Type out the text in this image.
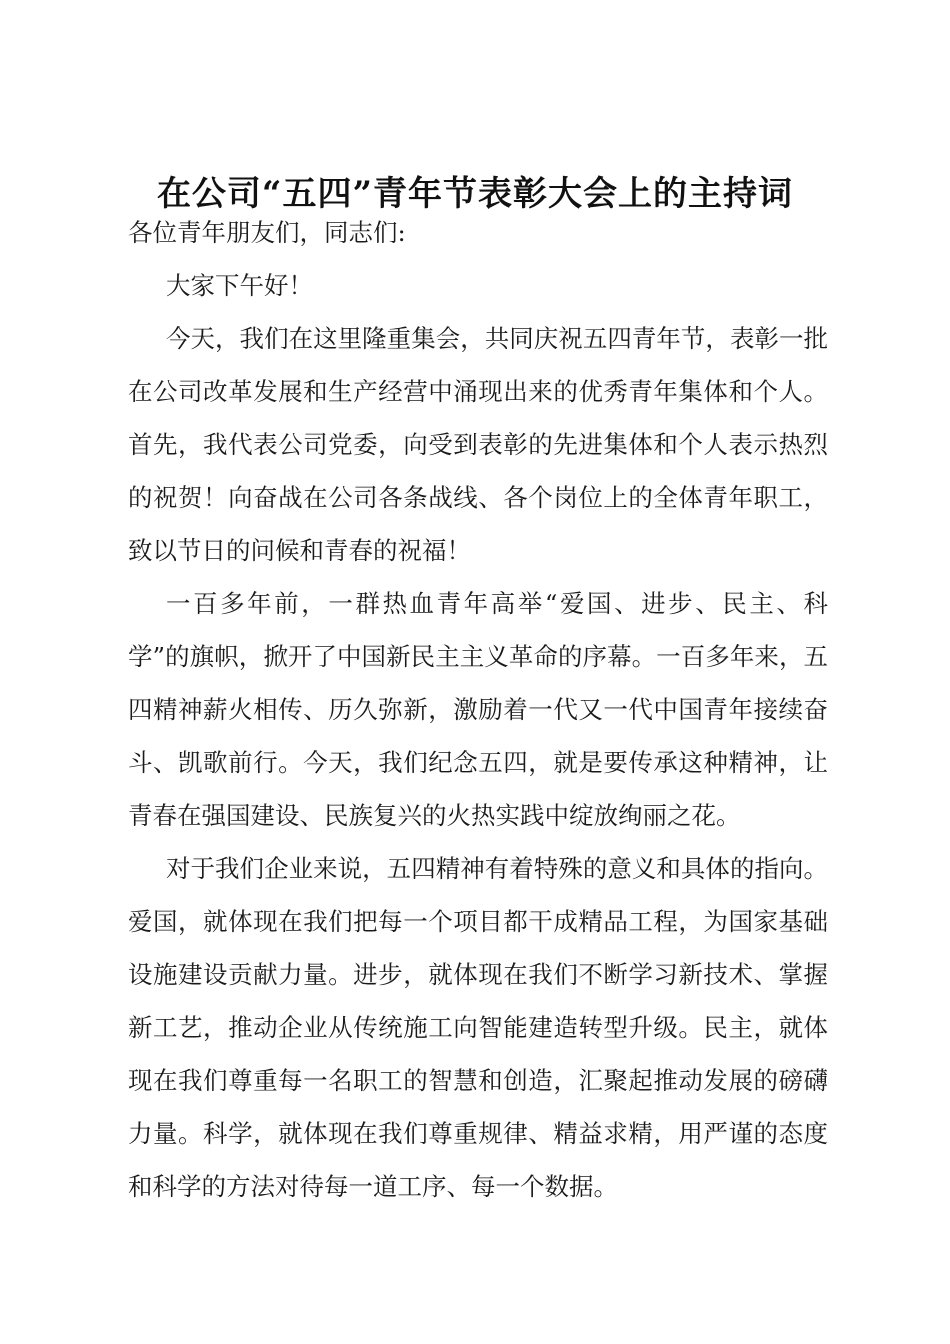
在公司“五四”青年节表彰大会上的主持词

各位青年朋友们，同志们:

大家下午好！

今天，我们在这里隆重集会，共同庆祝五四青年节，表彰一批在公司改革发展和生产经营中涌现出来的优秀青年集体和个人。首先，我代表公司党委，向受到表彰的先进集体和个人表示热烈的祝贺！向奋战在公司各条战线、各个岗位上的全体青年职工，致以节日的问候和青春的祝福！

一百多年前，一群热血青年高举“爱国、进步、民主、科学”的旗帜，掀开了中国新民主主义革命的序幕。一百多年来，五四精神薪火相传、历久弥新，激励着一代又一代中国青年接续奋斗、凯歌前行。今天，我们纪念五四，就是要传承这种精神，让青春在强国建设、民族复兴的火热实践中绽放绚丽之花。

对于我们企业来说，五四精神有着特殊的意义和具体的指向。爱国，就体现在我们把每一个项目都干成精品工程，为国家基础设施建设贡献力量。进步，就体现在我们不断学习新技术、掌握新工艺，推动企业从传统施工向智能建造转型升级。民主，就体现在我们尊重每一名职工的智慧和创造，汇聚起推动发展的磅礴力量。科学，就体现在我们尊重规律、精益求精，用严谨的态度和科学的方法对待每一道工序、每一个数据。
